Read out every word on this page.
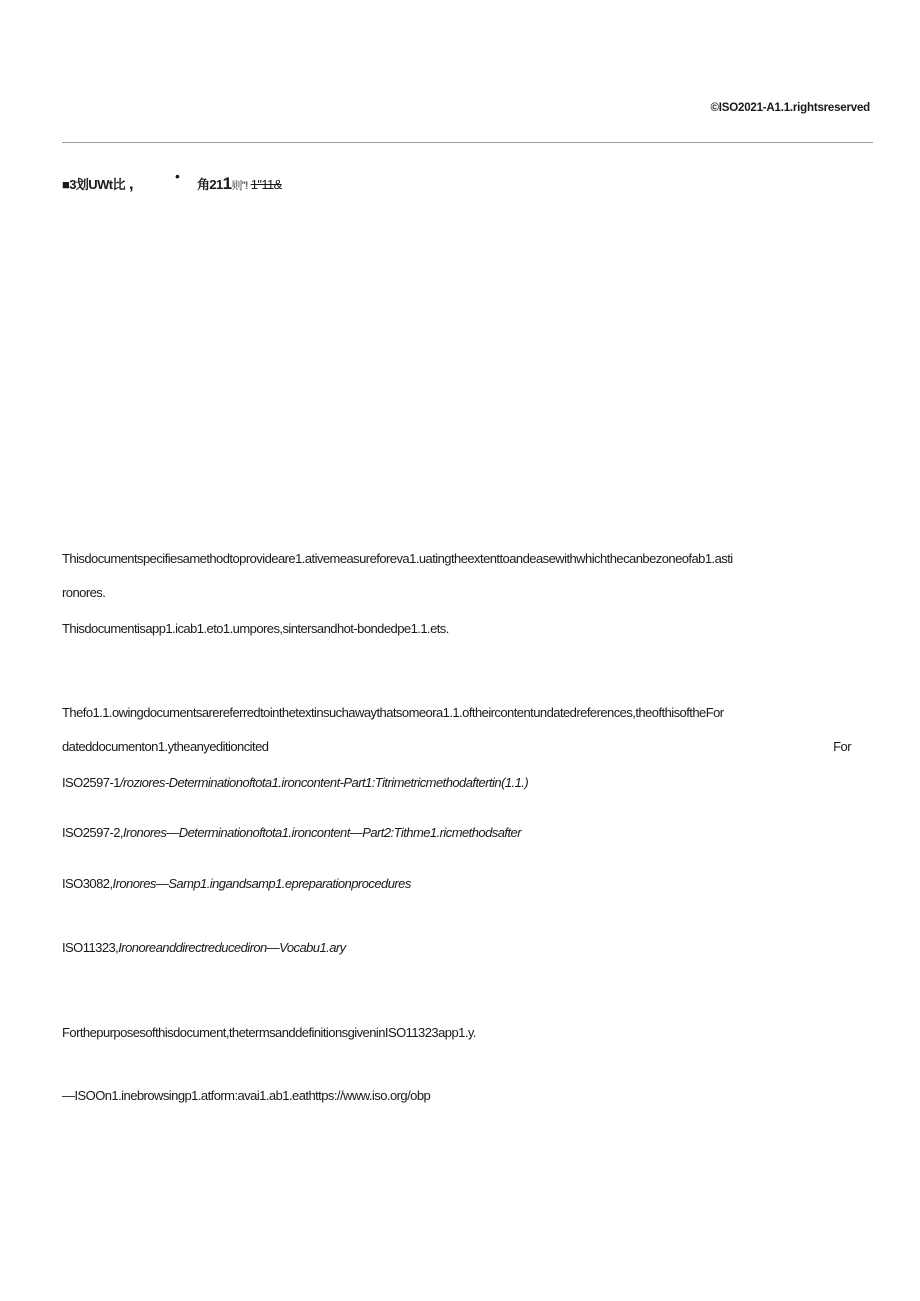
©ISO2021-A1.1.rightsreserved
■3划UWt比 ,	•
角211则"! 1"11&
Thisdocumentspecifiesamethodtoprovideare1.ativemeasureforeva1.uatingtheextenttoandeasewithwhichthecanbezoneofab1.asti
ronores.
Thisdocumentisapp1.icab1.eto1.umpores,sintersandhot-bondedpe1.1.ets.
Thefo1.1.owingdocumentsarereferredtointhetextinsuchawaythatsomeora1.1.oftheircontentundatedreferences,theofthisoftheFor
dateddocumenton1.ytheanyeditioncited	For
ISO2597-1/rozιores-Determinationoftota1.ironcontent-Part1:Titrimetricmethodaftertin(1.1.)
ISO2597-2,Ironores—Determinationoftota1.ironcontent—Part2:Tithme1.ricmethodsafter
ISO3082,Ironores—Samp1.ingandsamp1.epreparationprocedures
ISO11323,Ironoreanddirectreducediron—Vocabu1.ary
Forthepurposesofthisdocument,thetermsanddefinitionsgiveninISO11323app1.y.
—ISOOn1.inebrowsingp1.atform:avai1.ab1.eathttps://www.iso.org/obp
